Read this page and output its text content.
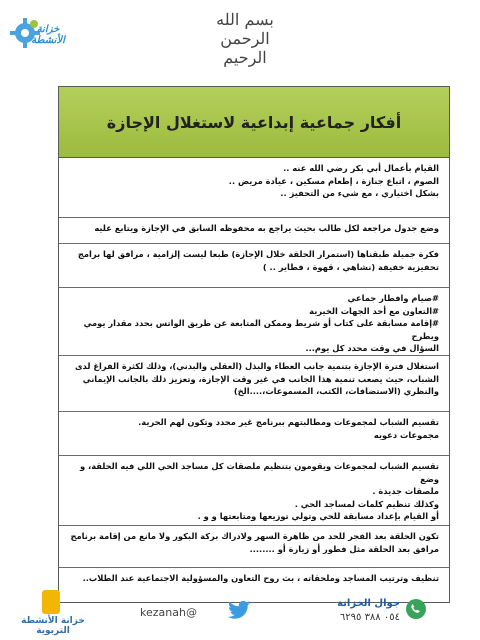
خزانة الأنشطة
بسم الله الرحمن الرحيم
أفكار جماعية إبداعية لاستغلال الإجازة

القيام بأعمال أبي بكر رضي الله عنه ..

الصوم ، اتباع جنازة ، إطعام مسكين ، عيادة مريض ..

بشكل اختياري ، مع شيء من التحفيز ..

وضع جدول مراجعة لكل طالب بحيث يراجع به محفوظه السابق في الإجازة ويتابع عليه

فكرة جميلة طبقناها (استمرار الحلقة خلال الإجازة) طبعا ليست إلزامية ، مرافق لها برامج

تحفيزية خفيفة (نشاهي ، قهوة ، فطاير .. )

#صيام وافطار جماعي

#التعاون مع أحد الجهات الخيرية

#إقامة مسابقة على كتاب أو شريط وممكن المتابعة عن طريق الواتس بحدد مقدار يومي ويطرح

السؤال في وقت محدد كل يوم...

استغلال فترة الإجازة بتنمية جانب العطاء والبذل (العقلي والبدني)، وذلك لكثرة الفراغ لدى

الشباب، حيث يصعب تنمية هذا الجانب في غير وقت الإجازة، وتعزيز ذلك بالجانب الإيماني

والنظري (الاستضافات، الكتب، المسموعات،....الخ)

تقسيم الشباب لمجموعات ومطالبتهم ببرنامج غير محدد وتكون لهم الحرية.

مجموعات دعويه

تقسيم الشباب لمجموعات ويقومون بتنظيم ملصقات كل مساجد الحي اللي فيه الحلقة، و وضع

ملصقات جديدة .

وكذلك تنظيم كلمات لمساجد الحي .

أو القيام بإعداد مسابقة للحي وتولي توزيعها ومتابعتها و و .

تكون الحلقة بعد الفجر للحد من ظاهرة السهر ولادراك بركة البكور ولا مانع من إقامة برنامج

مرافق بعد الحلقة مثل فطور أو زيارة أو ........

تنظيف وترتيب المساجد وملحقاته ، بث روح التعاون والمسؤولية الاجتماعية عند الطلاب..

خزانة الأنشطة التربوية
kezanah@
جوال الخزانة
٠٥٤ ٣٨٨ ٦٢٩٥
